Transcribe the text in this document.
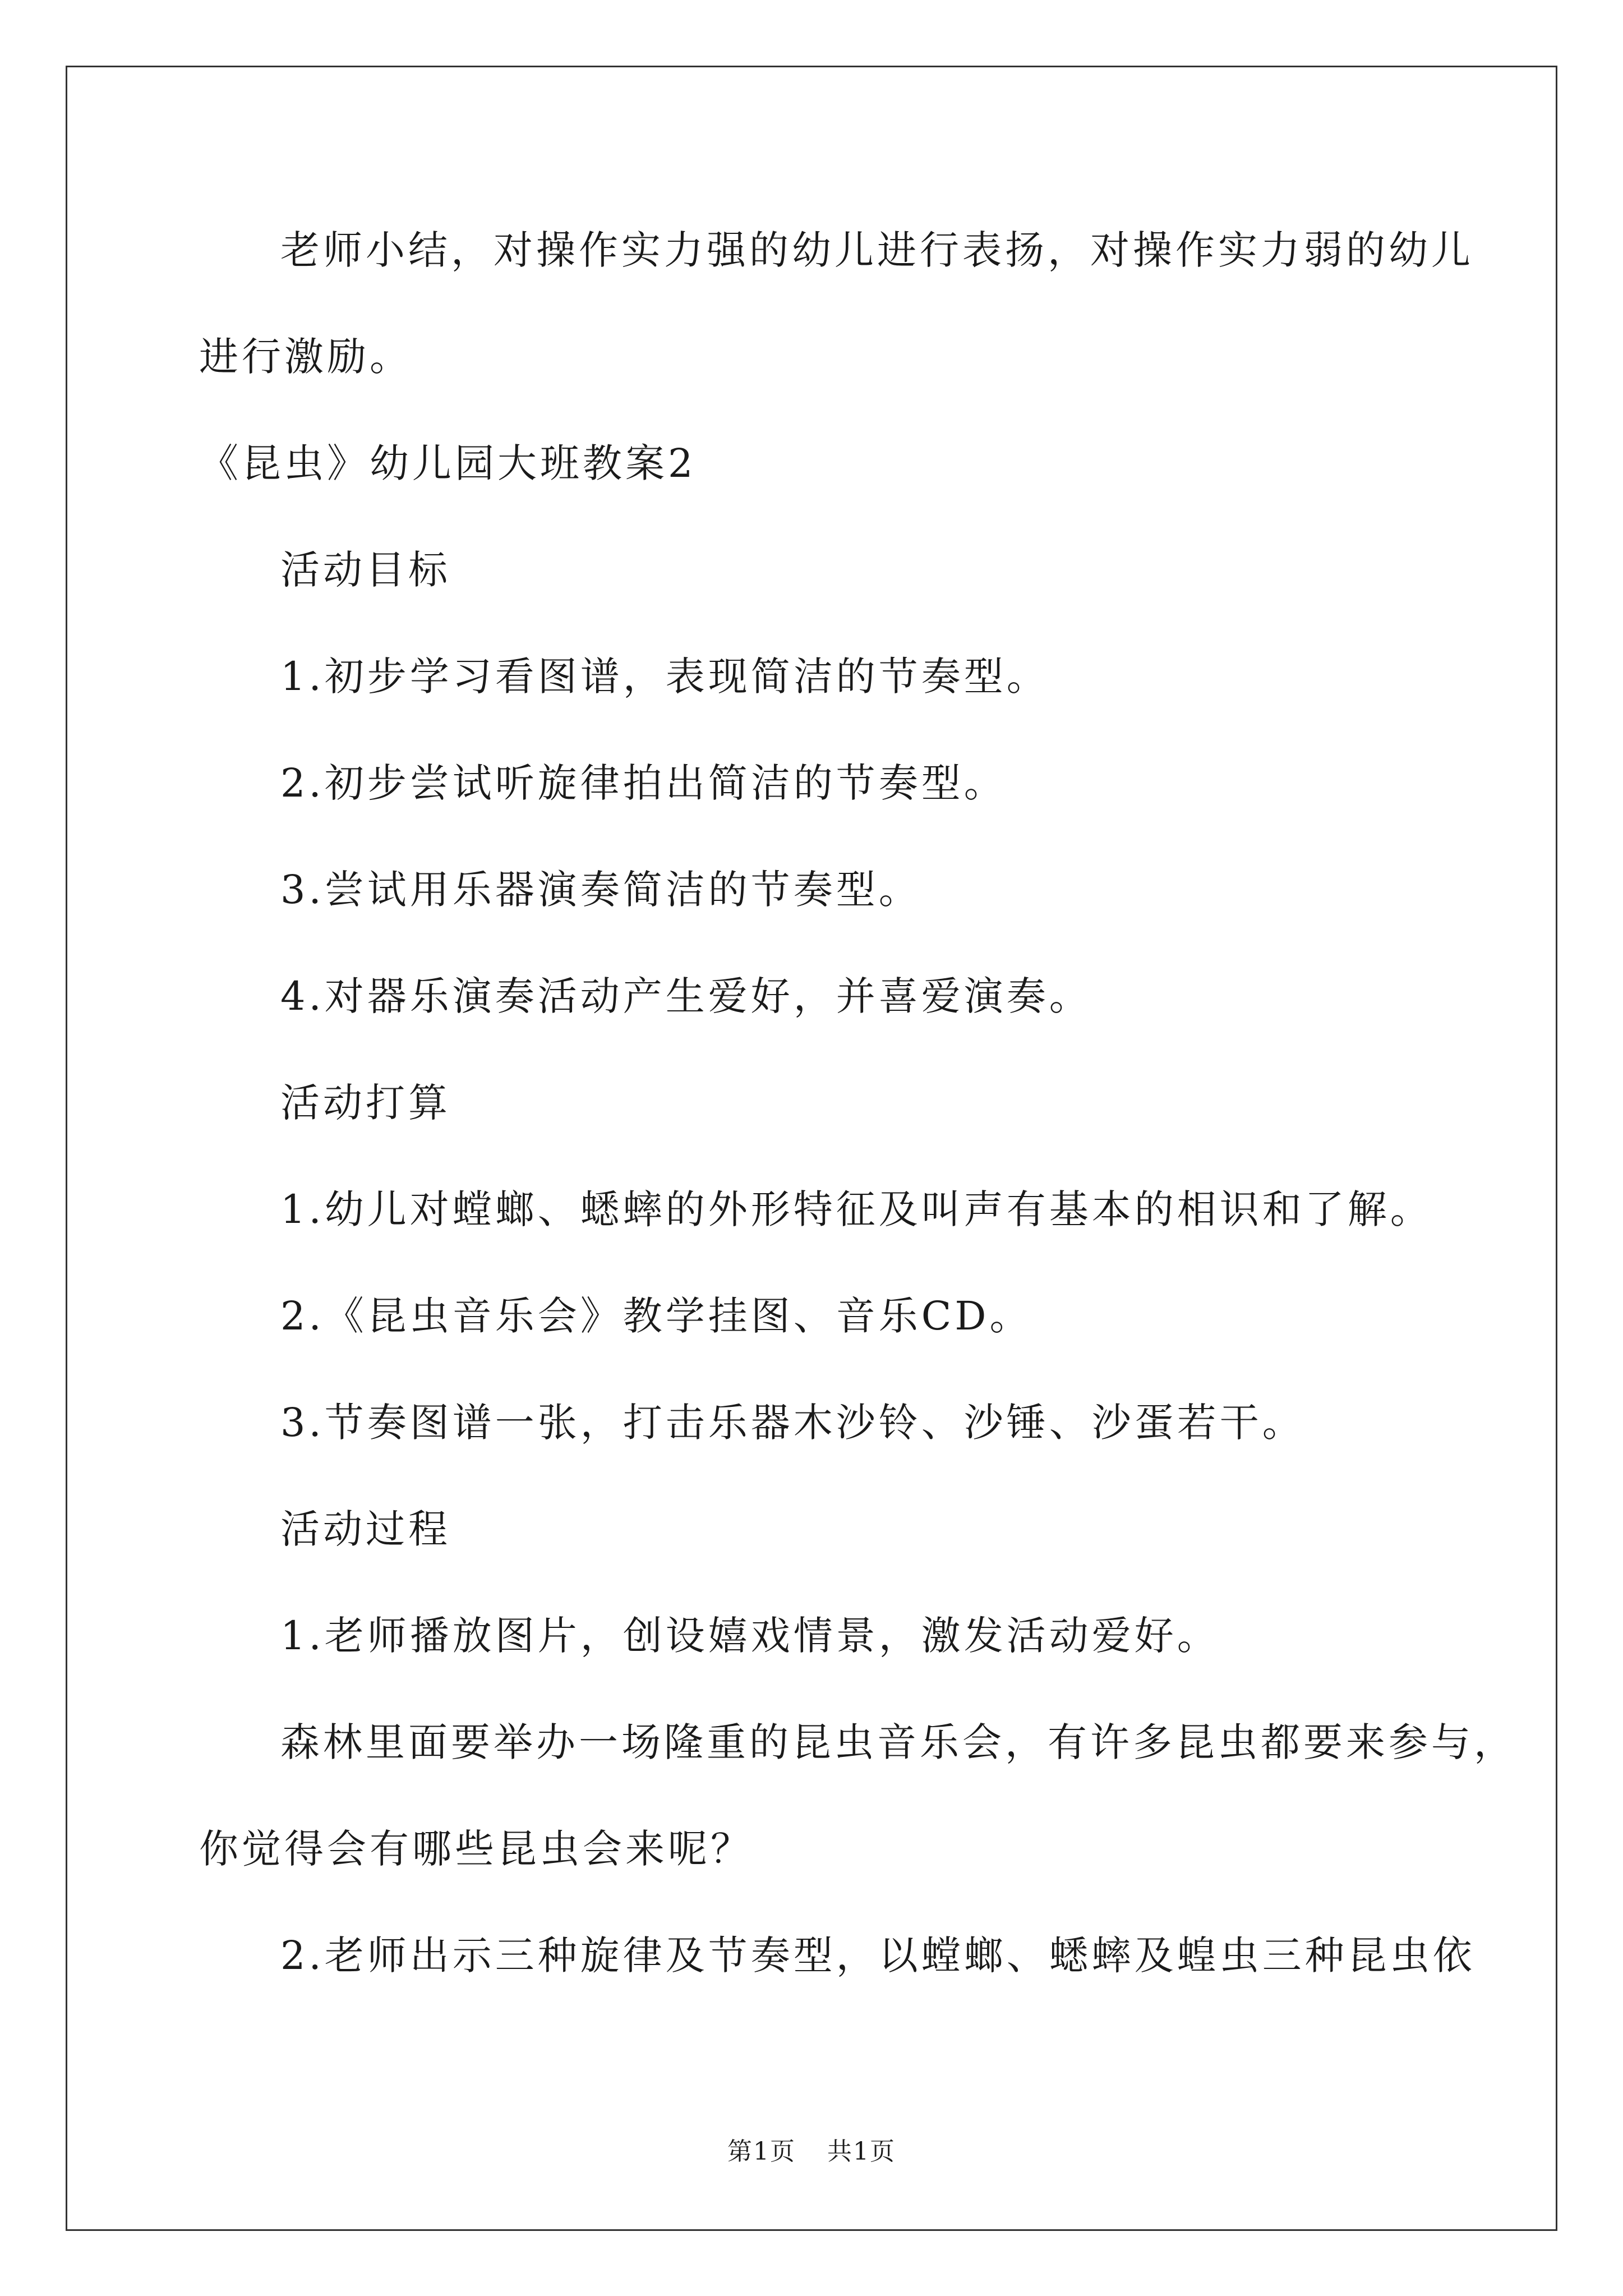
老师小结，对操作实力强的幼儿进行表扬，对操作实力弱的幼儿
进行激励。
《昆虫》幼儿园大班教案2
活动目标
1.初步学习看图谱，表现简洁的节奏型。
2.初步尝试听旋律拍出简洁的节奏型。
3.尝试用乐器演奏简洁的节奏型。
4.对器乐演奏活动产生爱好，并喜爱演奏。
活动打算
1.幼儿对螳螂、蟋蟀的外形特征及叫声有基本的相识和了解。
2.《昆虫音乐会》教学挂图、音乐CD。
3.节奏图谱一张，打击乐器木沙铃、沙锤、沙蛋若干。
活动过程
1.老师播放图片，创设嬉戏情景，激发活动爱好。
森林里面要举办一场隆重的昆虫音乐会，有许多昆虫都要来参与，
你觉得会有哪些昆虫会来呢？
2.老师出示三种旋律及节奏型，以螳螂、蟋蟀及蝗虫三种昆虫依
第1页 共1页
